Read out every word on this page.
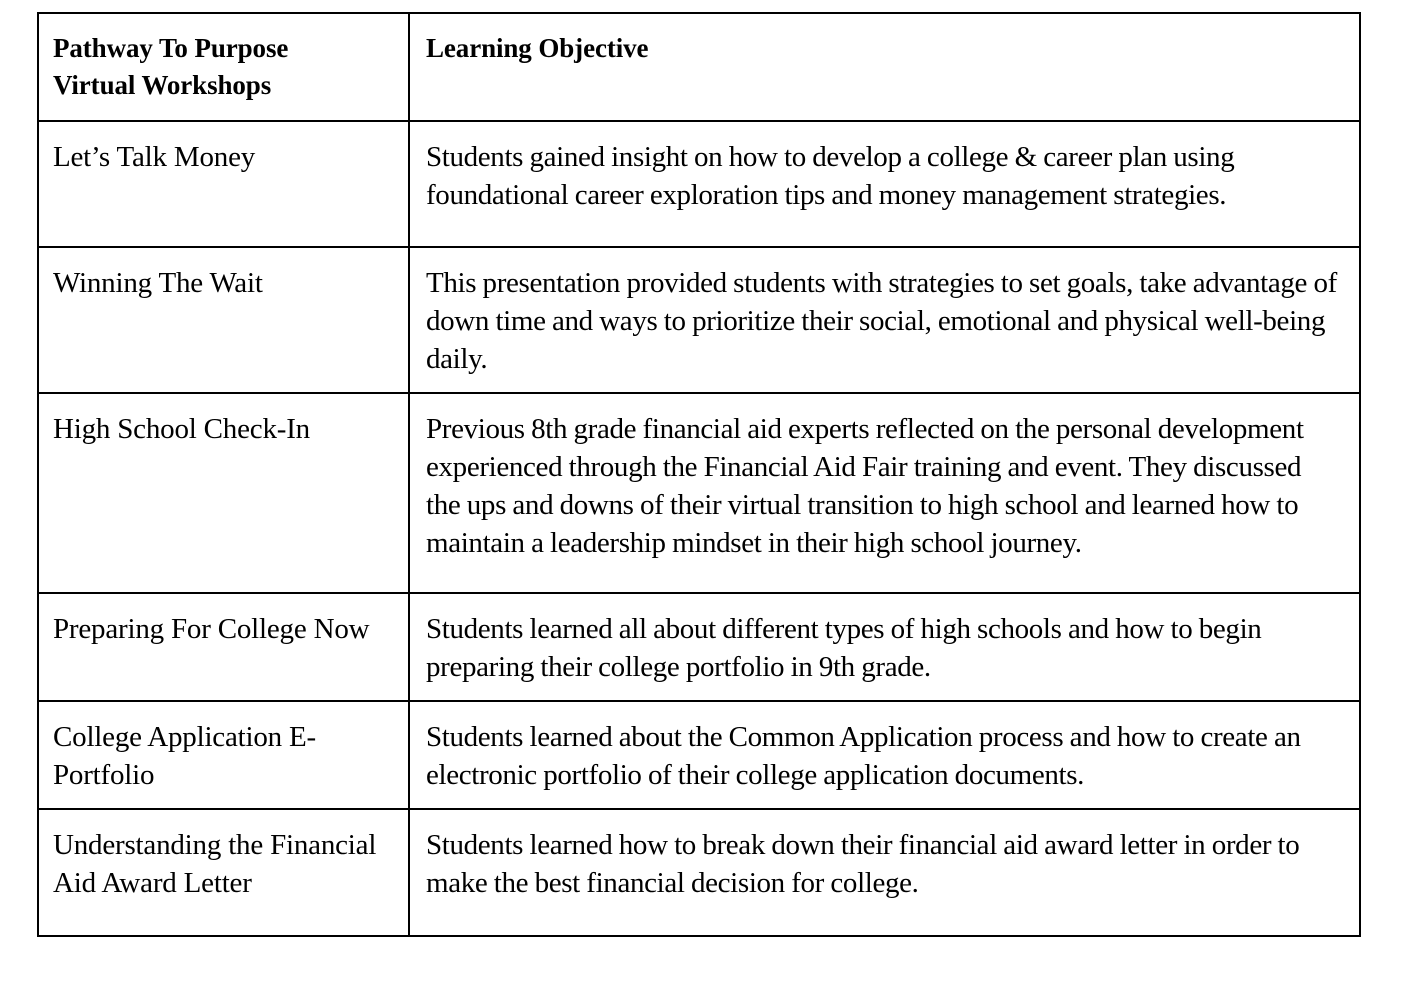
Pathway To Purpose
Virtual Workshops	Learning Objective

Let’s Talk Money	Students gained insight on how to develop a college & career plan using foundational career exploration tips and money management strategies.

Winning The Wait	This presentation provided students with strategies to set goals, take advantage of down time and ways to prioritize their social, emotional and physical well-being daily.

High School Check-In	Previous 8th grade financial aid experts reflected on the personal development experienced through the Financial Aid Fair training and event. They discussed the ups and downs of their virtual transition to high school and learned how to maintain a leadership mindset in their high school journey.

Preparing For College Now	Students learned all about different types of high schools and how to begin preparing their college portfolio in 9th grade.

College Application E-Portfolio	Students learned about the Common Application process and how to create an electronic portfolio of their college application documents.

Understanding the Financial Aid Award Letter	Students learned how to break down their financial aid award letter in order to make the best financial decision for college.
